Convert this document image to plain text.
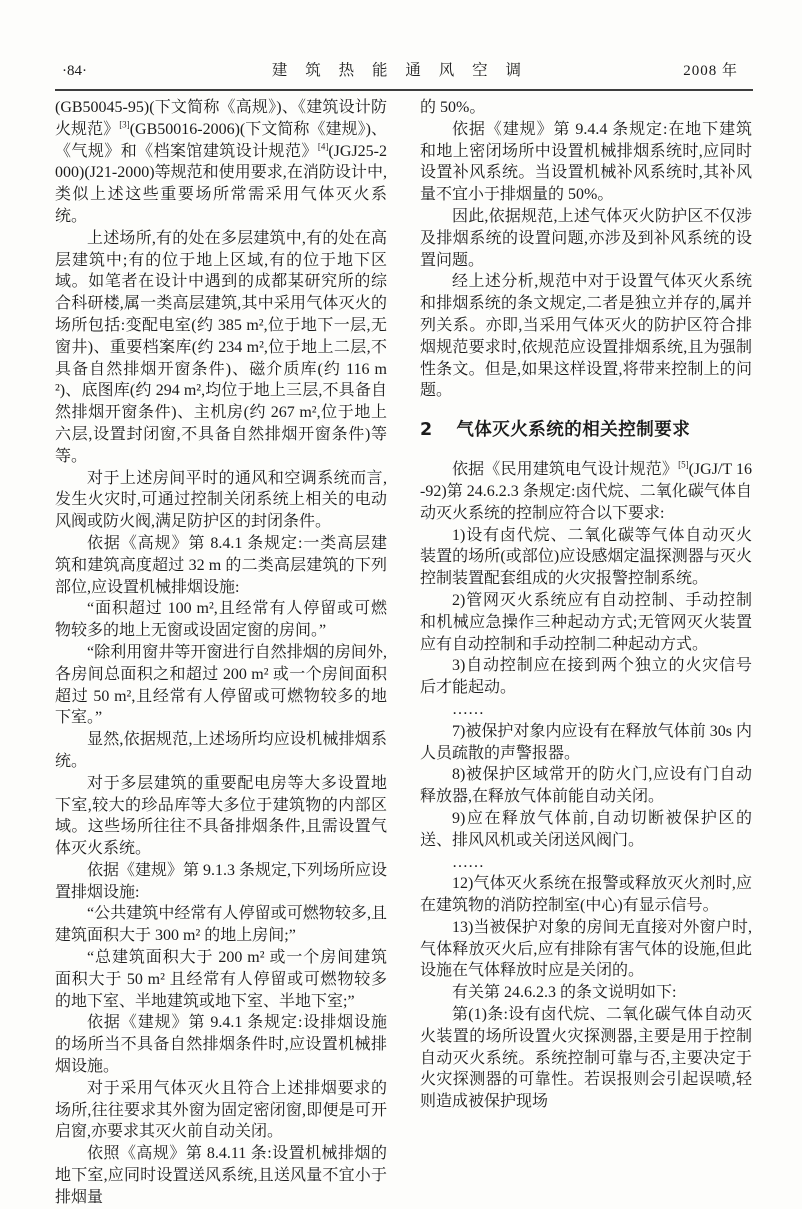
·84·	建 筑 热 能 通 风 空 调	2008 年

(GB50045-95)(下文简称《高规》)、《建筑设计防火规范》[3](GB50016-2006)(下文简称《建规》)、《气规》和《档案馆建筑设计规范》[4](JGJ25-2000)(J21-2000)等规范和使用要求,在消防设计中,类似上述这些重要场所常需采用气体灭火系统。

上述场所,有的处在多层建筑中,有的处在高层建筑中;有的位于地上区域,有的位于地下区域。如笔者在设计中遇到的成都某研究所的综合科研楼,属一类高层建筑,其中采用气体灭火的场所包括:变配电室(约 385 m²,位于地下一层,无窗井)、重要档案库(约 234 m²,位于地上二层,不具备自然排烟开窗条件)、磁介质库(约 116 m²)、底图库(约 294 m²,均位于地上三层,不具备自然排烟开窗条件)、主机房(约 267 m²,位于地上六层,设置封闭窗,不具备自然排烟开窗条件)等等。

对于上述房间平时的通风和空调系统而言,发生火灾时,可通过控制关闭系统上相关的电动风阀或防火阀,满足防护区的封闭条件。

依据《高规》第 8.4.1 条规定:一类高层建筑和建筑高度超过 32 m 的二类高层建筑的下列部位,应设置机械排烟设施:

“面积超过 100 m²,且经常有人停留或可燃物较多的地上无窗或设固定窗的房间。”

“除利用窗井等开窗进行自然排烟的房间外,各房间总面积之和超过 200 m² 或一个房间面积超过 50 m²,且经常有人停留或可燃物较多的地下室。”

显然,依据规范,上述场所均应设机械排烟系统。

对于多层建筑的重要配电房等大多设置地下室,较大的珍品库等大多位于建筑物的内部区域。这些场所往往不具备排烟条件,且需设置气体灭火系统。

依据《建规》第 9.1.3 条规定,下列场所应设置排烟设施:

“公共建筑中经常有人停留或可燃物较多,且建筑面积大于 300 m² 的地上房间;”

“总建筑面积大于 200 m² 或一个房间建筑面积大于 50 m² 且经常有人停留或可燃物较多的地下室、半地建筑或地下室、半地下室;”

依据《建规》第 9.4.1 条规定:设排烟设施的场所当不具备自然排烟条件时,应设置机械排烟设施。

对于采用气体灭火且符合上述排烟要求的场所,往往要求其外窗为固定密闭窗,即便是可开启窗,亦要求其灭火前自动关闭。

依照《高规》第 8.4.11 条:设置机械排烟的地下室,应同时设置送风系统,且送风量不宜小于排烟量

的 50%。

依据《建规》第 9.4.4 条规定:在地下建筑和地上密闭场所中设置机械排烟系统时,应同时设置补风系统。当设置机械补风系统时,其补风量不宜小于排烟量的 50%。

因此,依据规范,上述气体灭火防护区不仅涉及排烟系统的设置问题,亦涉及到补风系统的设置问题。

经上述分析,规范中对于设置气体灭火系统和排烟系统的条文规定,二者是独立并存的,属并列关系。亦即,当采用气体灭火的防护区符合排烟规范要求时,依规范应设置排烟系统,且为强制性条文。但是,如果这样设置,将带来控制上的问题。

2 气体灭火系统的相关控制要求

依据《民用建筑电气设计规范》[5](JGJ/T 16-92)第 24.6.2.3 条规定:卤代烷、二氧化碳气体自动灭火系统的控制应符合以下要求:

1)设有卤代烷、二氧化碳等气体自动灭火装置的场所(或部位)应设感烟定温探测器与灭火控制装置配套组成的火灾报警控制系统。

2)管网灭火系统应有自动控制、手动控制和机械应急操作三种起动方式;无管网灭火装置应有自动控制和手动控制二种起动方式。

3)自动控制应在接到两个独立的火灾信号后才能起动。

……

7)被保护对象内应设有在释放气体前 30s 内人员疏散的声警报器。

8)被保护区域常开的防火门,应设有门自动释放器,在释放气体前能自动关闭。

9)应在释放气体前,自动切断被保护区的送、排风风机或关闭送风阀门。

……

12)气体灭火系统在报警或释放灭火剂时,应在建筑物的消防控制室(中心)有显示信号。

13)当被保护对象的房间无直接对外窗户时,气体释放灭火后,应有排除有害气体的设施,但此设施在气体释放时应是关闭的。

有关第 24.6.2.3 的条文说明如下:

第(1)条:设有卤代烷、二氧化碳气体自动灭火装置的场所设置火灾探测器,主要是用于控制自动灭火系统。系统控制可靠与否,主要决定于火灾探测器的可靠性。若误报则会引起误喷,轻则造成被保护现场
